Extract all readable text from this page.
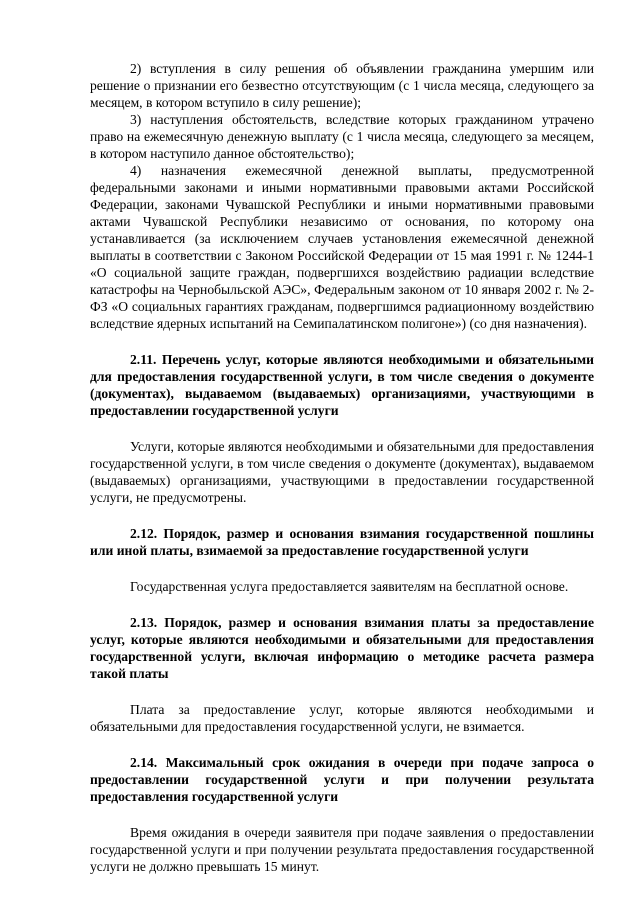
2) вступления в силу решения об объявлении гражданина умершим или решение о признании его безвестно отсутствующим (с 1 числа месяца, следующего за месяцем, в котором вступило в силу решение);

3) наступления обстоятельств, вследствие которых гражданином утрачено право на ежемесячную денежную выплату (с 1 числа месяца, следующего за месяцем, в котором наступило данное обстоятельство);

4) назначения ежемесячной денежной выплаты, предусмотренной федеральными законами и иными нормативными правовыми актами Российской Федерации, законами Чувашской Республики и иными нормативными правовыми актами Чувашской Республики независимо от основания, по которому она устанавливается (за исключением случаев установления ежемесячной денежной выплаты в соответствии с Законом Российской Федерации от 15 мая 1991 г. № 1244-1 «О социальной защите граждан, подвергшихся воздействию радиации вследствие катастрофы на Чернобыльской АЭС», Федеральным законом от 10 января 2002 г. № 2-ФЗ «О социальных гарантиях гражданам, подвергшимся радиационному воздействию вследствие ядерных испытаний на Семипалатинском полигоне») (со дня назначения).

2.11. Перечень услуг, которые являются необходимыми и обязательными для предоставления государственной услуги, в том числе сведения о документе (документах), выдаваемом (выдаваемых) организациями, участвующими в предоставлении государственной услуги

Услуги, которые являются необходимыми и обязательными для предоставления государственной услуги, в том числе сведения о документе (документах), выдаваемом (выдаваемых) организациями, участвующими в предоставлении государственной услуги, не предусмотрены.

2.12. Порядок, размер и основания взимания государственной пошлины или иной платы, взимаемой за предоставление государственной услуги

Государственная услуга предоставляется заявителям на бесплатной основе.

2.13. Порядок, размер и основания взимания платы за предоставление услуг, которые являются необходимыми и обязательными для предоставления государственной услуги, включая информацию о методике расчета размера такой платы

Плата за предоставление услуг, которые являются необходимыми и обязательными для предоставления государственной услуги, не взимается.

2.14. Максимальный срок ожидания в очереди при подаче запроса о предоставлении государственной услуги и при получении результата предоставления государственной услуги

Время ожидания в очереди заявителя при подаче заявления о предоставлении государственной услуги и при получении результата предоставления государственной услуги не должно превышать 15 минут.
